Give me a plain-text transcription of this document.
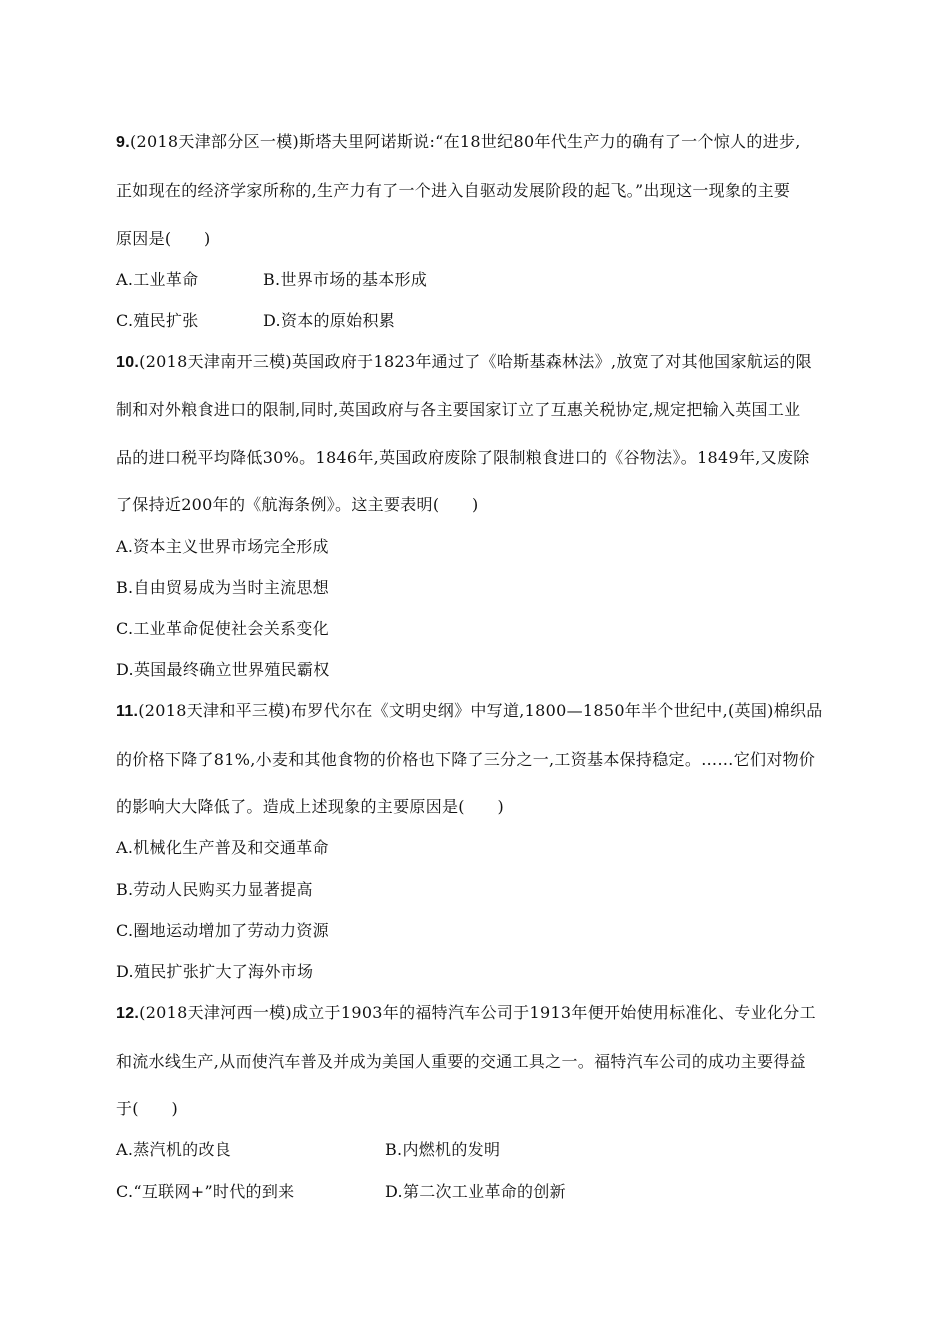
9.(2018天津部分区一模)斯塔夫里阿诺斯说:“在18世纪80年代生产力的确有了一个惊人的进步,
正如现在的经济学家所称的,生产力有了一个进入自驱动发展阶段的起飞。”出现这一现象的主要
原因是(　　)
A.工业革命	B.世界市场的基本形成
C.殖民扩张	D.资本的原始积累
10.(2018天津南开三模)英国政府于1823年通过了《哈斯基森林法》,放宽了对其他国家航运的限
制和对外粮食进口的限制,同时,英国政府与各主要国家订立了互惠关税协定,规定把输入英国工业
品的进口税平均降低30%。1846年,英国政府废除了限制粮食进口的《谷物法》。1849年,又废除
了保持近200年的《航海条例》。这主要表明(　　)
A.资本主义世界市场完全形成
B.自由贸易成为当时主流思想
C.工业革命促使社会关系变化
D.英国最终确立世界殖民霸权
11.(2018天津和平三模)布罗代尔在《文明史纲》中写道,1800—1850年半个世纪中,(英国)棉织品
的价格下降了81%,小麦和其他食物的价格也下降了三分之一,工资基本保持稳定。……它们对物价
的影响大大降低了。造成上述现象的主要原因是(　　)
A.机械化生产普及和交通革命
B.劳动人民购买力显著提高
C.圈地运动增加了劳动力资源
D.殖民扩张扩大了海外市场
12.(2018天津河西一模)成立于1903年的福特汽车公司于1913年便开始使用标准化、专业化分工
和流水线生产,从而使汽车普及并成为美国人重要的交通工具之一。福特汽车公司的成功主要得益
于(　　)
A.蒸汽机的改良	B.内燃机的发明
C.“互联网+”时代的到来	D.第二次工业革命的创新
